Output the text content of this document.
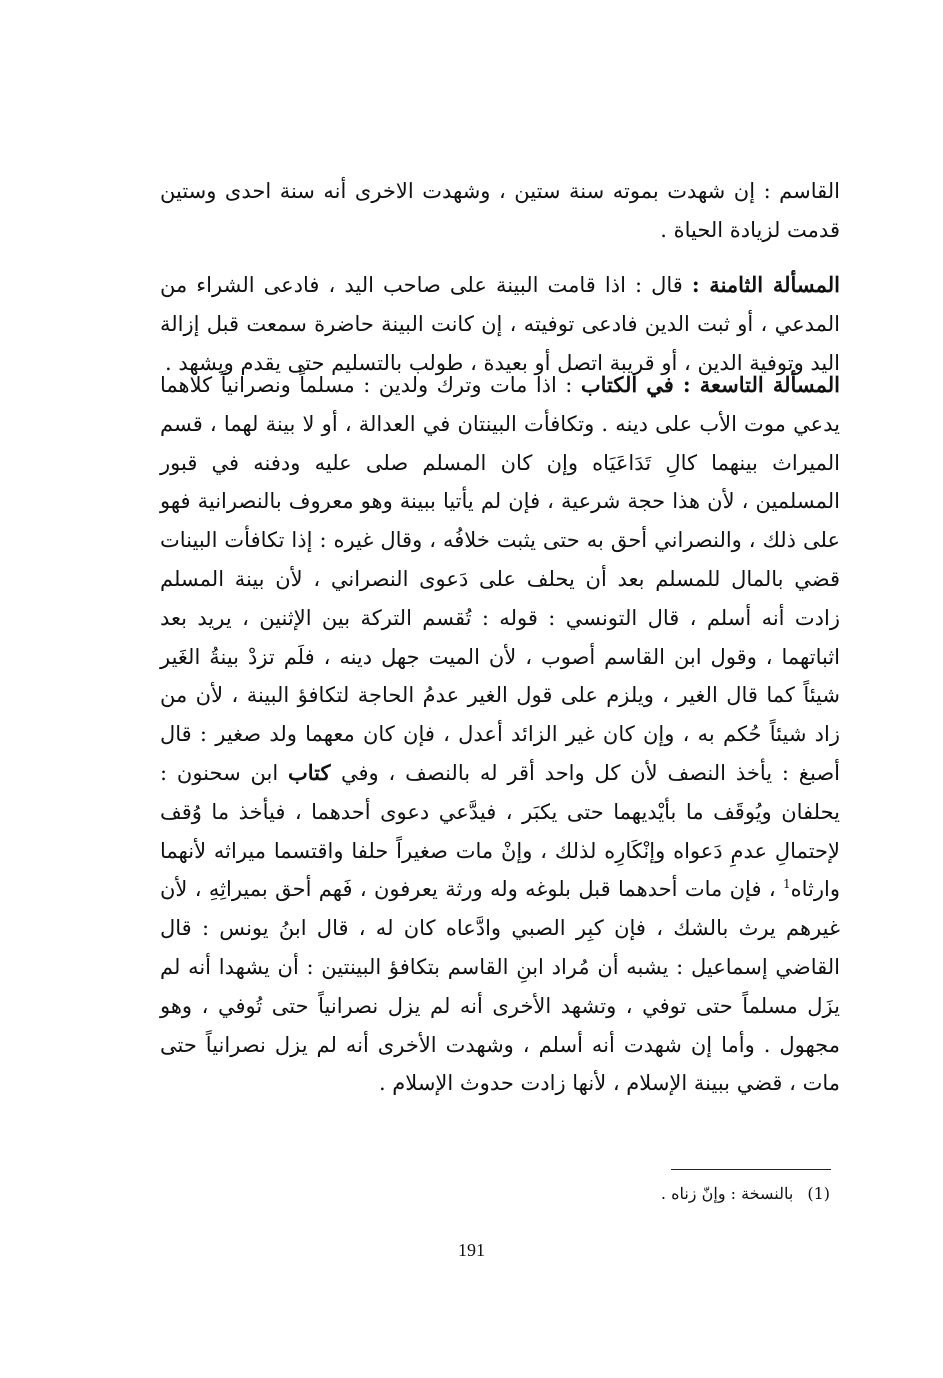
القاسم : إن شهدت بموته سنة ستين ، وشهدت الاخرى أنه سنة احدى وستين قدمت لزيادة الحياة .

المسألة الثامنة : قال : اذا قامت البينة على صاحب اليد ، فادعى الشراء من المدعي ، أو ثبت الدين فادعى توفيته ، إن كانت البينة حاضرة سمعت قبل إزالة اليد وتوفية الدين ، أو قريبة اتصل أو بعيدة ، طولب بالتسليم حتى يقدم ويشهد .

المسألة التاسعة : في الكتاب : اذا مات وترك ولدين : مسلماً ونصرانياً كلاهما يدعي موت الأب على دينه . وتكافأت البينتان في العدالة ، أو لا بينة لهما ، قسم الميراث بينهما كالِ تَدَاعَيَاه وإن كان المسلم صلى عليه ودفنه في قبور المسلمين ، لأن هذا حجة شرعية ، فإن لم يأتيا ببينة وهو معروف بالنصرانية فهو على ذلك ، والنصراني أحق به حتى يثبت خلافُه ، وقال غيره : إذا تكافأت البينات قضي بالمال للمسلم بعد أن يحلف على دَعوى النصراني ، لأن بينة المسلم زادت أنه أسلم ، قال التونسي : قوله : تُقسم التركة بين الإثنين ، يريد بعد اثباتهما ، وقول ابن القاسم أصوب ، لأن الميت جهل دينه ، فلَم تزدْ بينةُ الغَير شيئاً كما قال الغير ، ويلزم على قول الغير عدمُ الحاجة لتكافؤ البينة ، لأن من زاد شيئاً حُكم به ، وإن كان غير الزائد أعدل ، فإن كان معهما ولد صغير : قال أصبغ : يأخذ النصف لأن كل واحد أقر له بالنصف ، وفي كتاب ابن سحنون : يحلفان ويُوقَف ما بأيْديهما حتى يكبَر ، فيدَّعي دعوى أحدهما ، فيأخذ ما وُقف لإحتمالِ عدمِ دَعواه وإنْكَارِه لذلك ، وإنْ مات صغيراً حلفا واقتسما ميراثه لأنهما وارثاه$^1$ ، فإن مات أحدهما قبل بلوغه وله ورثة يعرفون ، فَهم أحق بميراثِهِ ، لأن غيرهم يرث بالشك ، فإن كبِر الصبي وادَّعاه كان له ، قال ابنُ يونس : قال القاضي إسماعيل : يشبه أن مُراد ابنِ القاسم بتكافؤ البينتين : أن يشهدا أنه لم يزَل مسلماً حتى توفي ، وتشهد الأخرى أنه لم يزل نصرانياً حتى تُوفي ، وهو مجهول . وأما إن شهدت أنه أسلم ، وشهدت الأخرى أنه لم يزل نصرانياً حتى مات ، قضي ببينة الإسلام ، لأنها زادت حدوث الإسلام .

(1)بالنسخة : وإنّ زناه .
191
